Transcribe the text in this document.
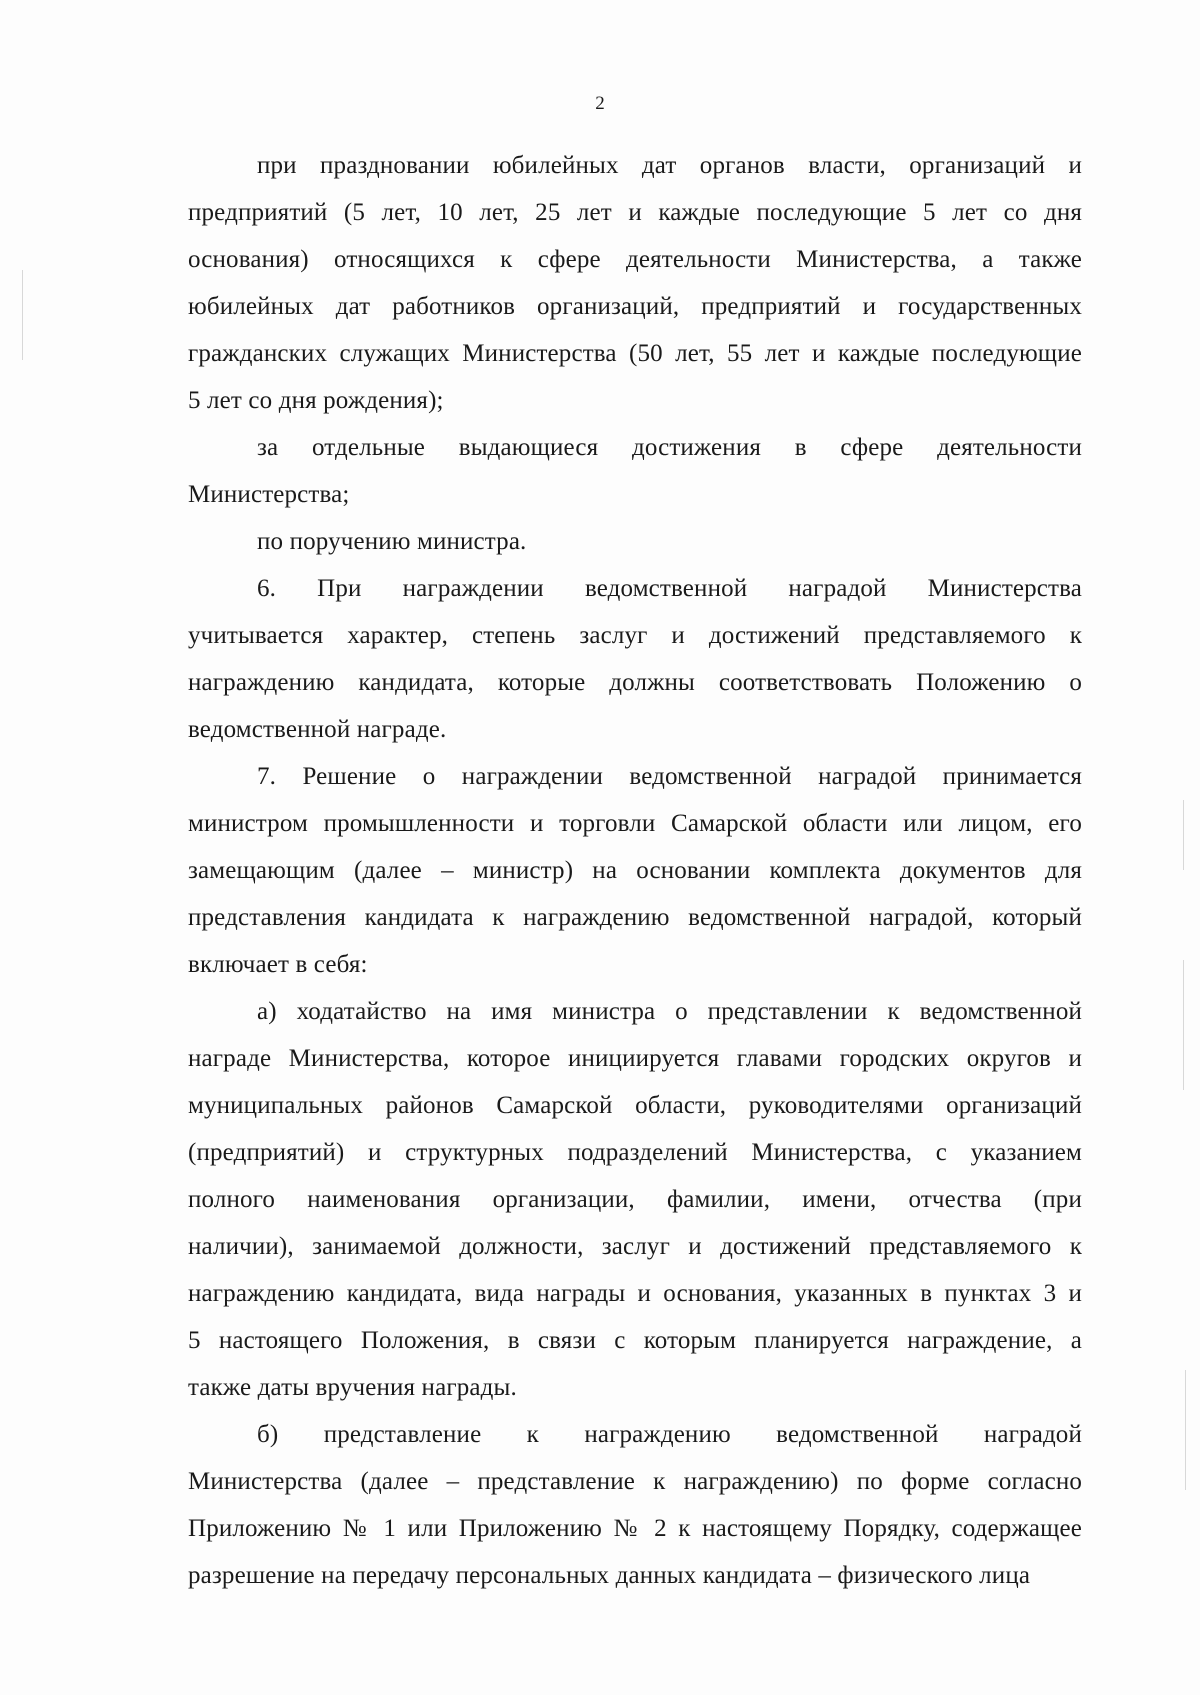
2

при праздновании юбилейных дат органов власти, организаций и
предприятий (5 лет, 10 лет, 25 лет и каждые последующие 5 лет со дня
основания) относящихся к сфере деятельности Министерства, а также
юбилейных дат работников организаций, предприятий и государственных
гражданских служащих Министерства (50 лет, 55 лет и каждые последующие
5 лет со дня рождения);

за отдельные выдающиеся достижения в сфере деятельности
Министерства;

по поручению министра.

6. При награждении ведомственной наградой Министерства
учитывается характер, степень заслуг и достижений представляемого к
награждению кандидата, которые должны соответствовать Положению о
ведомственной награде.

7. Решение о награждении ведомственной наградой принимается
министром промышленности и торговли Самарской области или лицом, его
замещающим (далее – министр) на основании комплекта документов для
представления кандидата к награждению ведомственной наградой, который
включает в себя:

а) ходатайство на имя министра о представлении к ведомственной
награде Министерства, которое инициируется главами городских округов и
муниципальных районов Самарской области, руководителями организаций
(предприятий) и структурных подразделений Министерства, с указанием
полного наименования организации, фамилии, имени, отчества (при
наличии), занимаемой должности, заслуг и достижений представляемого к
награждению кандидата, вида награды и основания, указанных в пунктах 3 и
5 настоящего Положения, в связи с которым планируется награждение, а
также даты вручения награды.

б) представление к награждению ведомственной наградой
Министерства (далее – представление к награждению) по форме согласно
Приложению № 1 или Приложению № 2 к настоящему Порядку, содержащее
разрешение на передачу персональных данных кандидата – физического лица
